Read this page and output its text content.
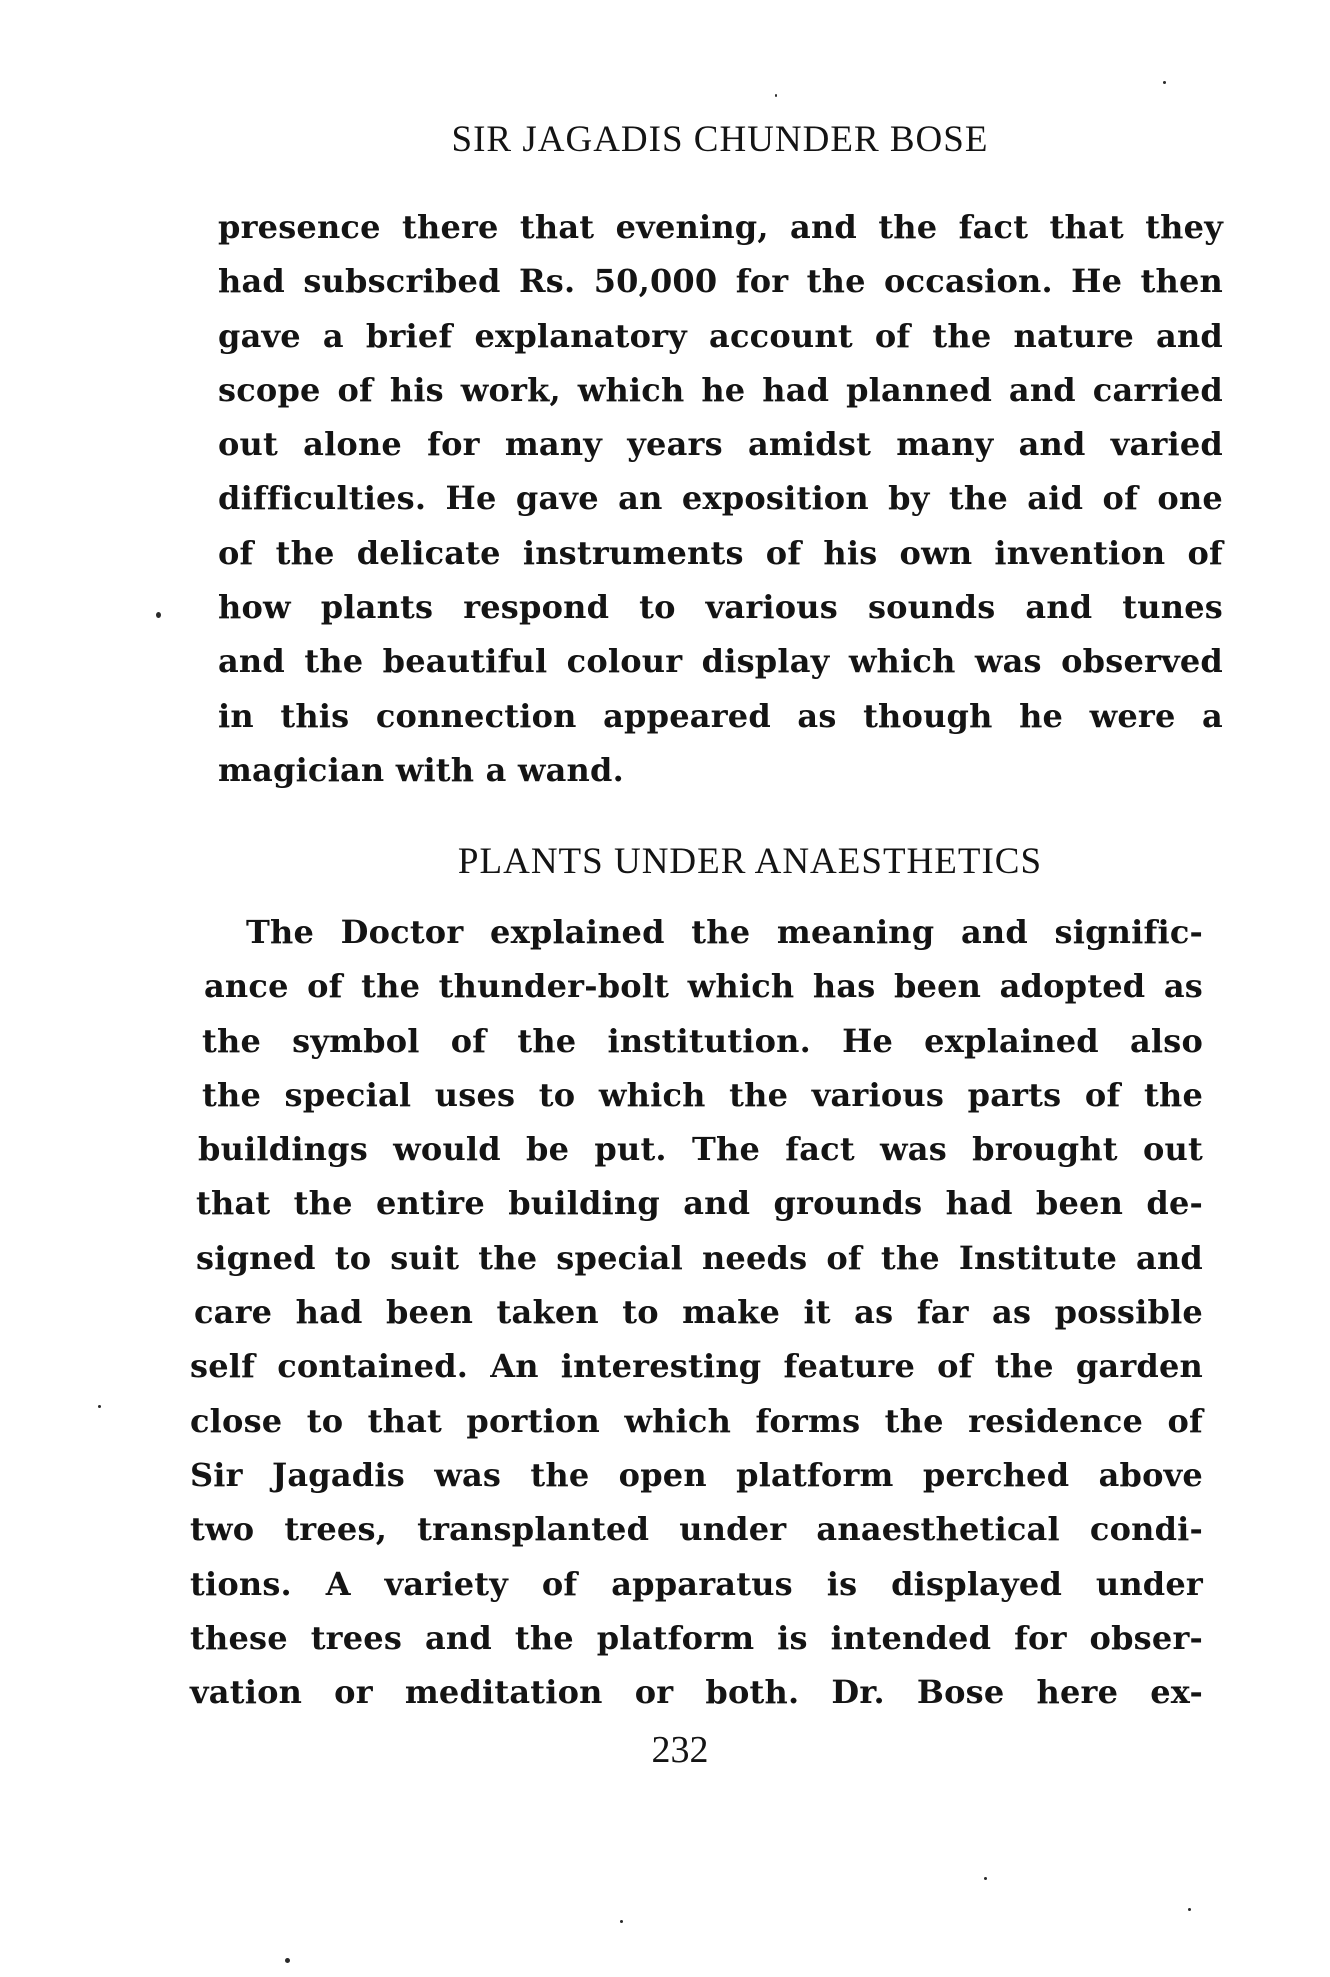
SIR JAGADIS CHUNDER BOSE
presence there that evening, and the fact that they
had subscribed Rs. 50,000 for the occasion. He then
gave a brief explanatory account of the nature and
scope of his work, which he had planned and carried
out alone for many years amidst many and varied
difficulties. He gave an exposition by the aid of one
of the delicate instruments of his own invention of
how plants respond to various sounds and tunes
and the beautiful colour display which was observed
in this connection appeared as though he were a
magician with a wand.
PLANTS UNDER ANAESTHETICS
The Doctor explained the meaning and signific-
ance of the thunder-bolt which has been adopted as
the symbol of the institution. He explained also
the special uses to which the various parts of the
buildings would be put. The fact was brought out
that the entire building and grounds had been de-
signed to suit the special needs of the Institute and
care had been taken to make it as far as possible
self contained. An interesting feature of the garden
close to that portion which forms the residence of
Sir Jagadis was the open platform perched above
two trees, transplanted under anaesthetical condi-
tions. A variety of apparatus is displayed under
these trees and the platform is intended for obser-
vation or meditation or both. Dr. Bose here ex-
232
